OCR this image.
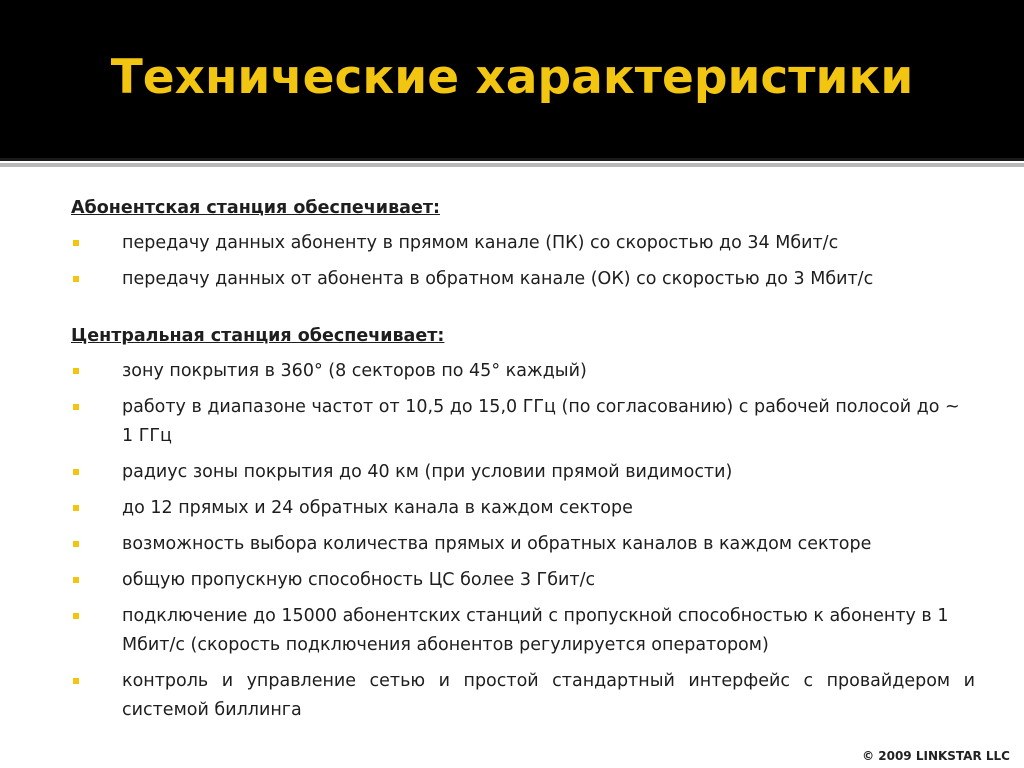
Технические характеристики
Абонентская станция обеспечивает:
передачу данных абоненту в прямом канале (ПК) со скоростью до 34 Мбит/с
передачу данных от абонента в обратном канале (ОК) со скоростью до 3 Мбит/с
Центральная станция обеспечивает:
зону покрытия в 360° (8 секторов по 45° каждый)
работу в диапазоне частот от 10,5 до 15,0 ГГц (по согласованию) с рабочей полосой до ~ 1 ГГц
радиус зоны покрытия до 40 км (при условии прямой видимости)
до 12 прямых и 24 обратных канала в каждом секторе
возможность выбора количества прямых и обратных каналов в каждом секторе
общую пропускную способность ЦС более 3 Гбит/с
подключение до 15000 абонентских станций с пропускной способностью к абоненту в 1 Мбит/с (скорость подключения абонентов регулируется оператором)
контроль и управление сетью и простой стандартный интерфейс с провайдером и системой биллинга
© 2009 LINKSTAR LLC
